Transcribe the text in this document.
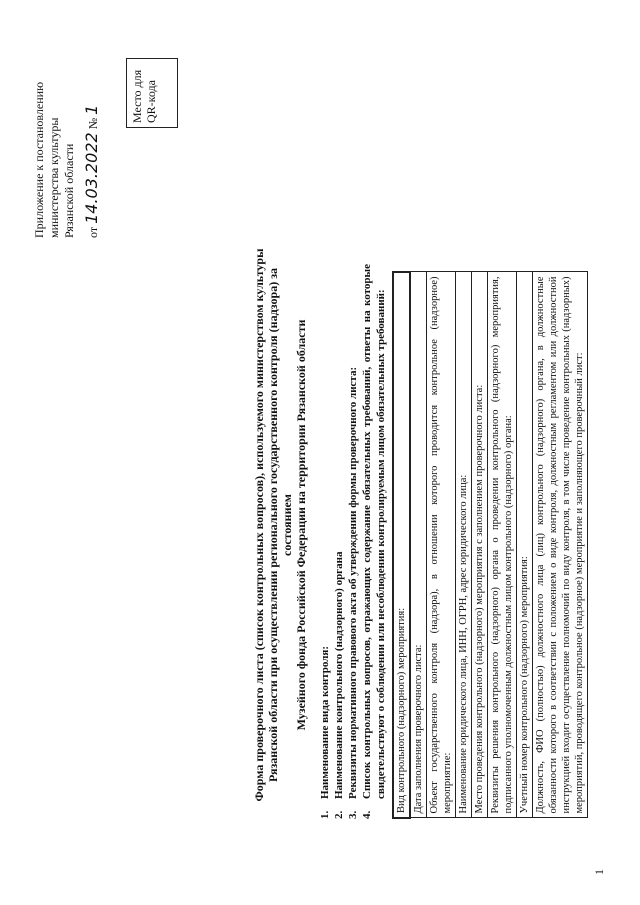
1
Приложение к постановлению министерства культуры Рязанской области от 14.03.2022 № 1	Место для QR-кода
Форма проверочного листа (список контрольных вопросов), используемого министерством культуры Рязанской области при осуществлении регионального государственного контроля (надзора) за состоянием Музейного фонда Российской Федерации на территории Рязанской области
1.
Наименование вида контроля:
2.
Наименование контрольного (надзорного) органа
3.
Реквизиты нормативного правового акта об утверждении формы проверочного листа:
4.
Список контрольных вопросов, отражающих содержание обязательных требований, ответы на которые свидетельствуют о соблюдении или несоблюдении контролируемым лицом обязательных требований: Вид контрольного (надзорного) мероприятия:
Дата заполнения проверочного листа:
Объект государственного контроля (надзора), в отношении которого проводится контрольное (надзорное) мероприятие:
Наименование юридического лица, ИНН, ОГРН, адрес юридического лица:
Место проведения контрольного (надзорного) мероприятия с заполнением проверочного листа:
Реквизиты решения контрольного (надзорного) органа о проведении контрольного (надзорного) мероприятия, подписанного уполномоченным должностным лицом контрольного (надзорного) органа:
Учетный номер контрольного (надзорного) мероприятия:
Должность, ФИО (полностью) должностного лица (лиц) контрольного (надзорного) органа, в должностные обязанности которого в соответствии с положением о виде контроля, должностным регламентом или должностной инструкцией входит осуществление полномочий по виду контроля, в том числе проведение контрольных (надзорных) мероприятий, проводящего контрольное (надзорное) мероприятие и заполняющего проверочный лист:
